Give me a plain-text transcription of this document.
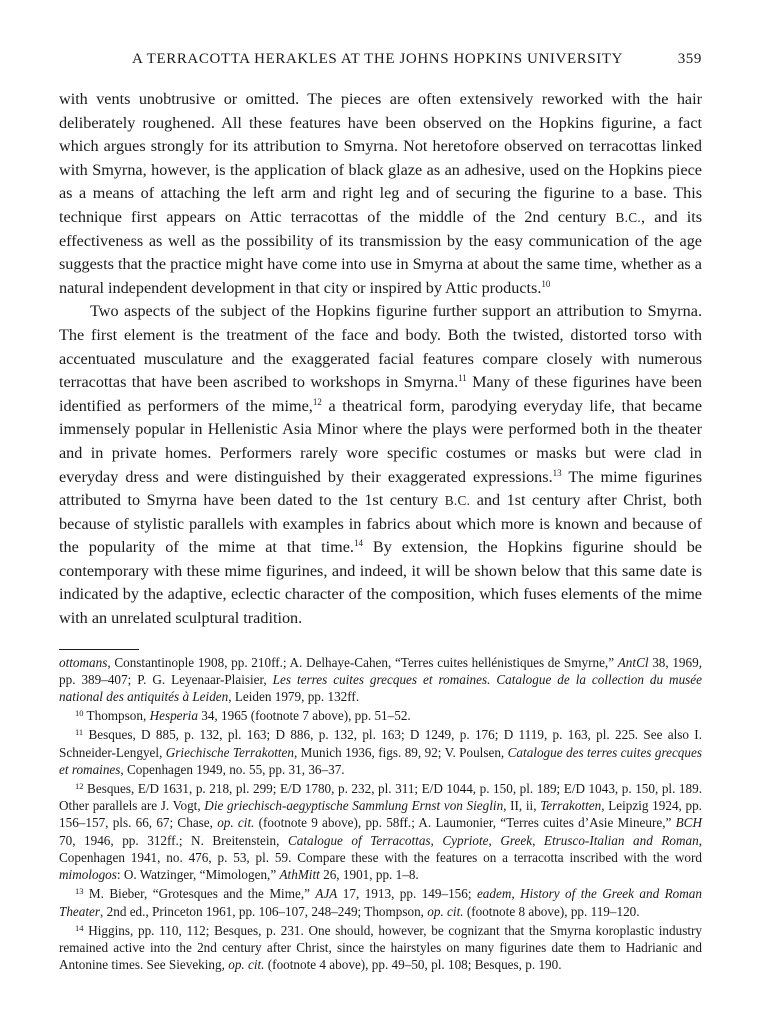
A TERRACOTTA HERAKLES AT THE JOHNS HOPKINS UNIVERSITY	359

with vents unobtrusive or omitted. The pieces are often extensively reworked with the hair deliberately roughened. All these features have been observed on the Hopkins figurine, a fact which argues strongly for its attribution to Smyrna. Not heretofore observed on terracottas linked with Smyrna, however, is the application of black glaze as an adhesive, used on the Hopkins piece as a means of attaching the left arm and right leg and of securing the figurine to a base. This technique first appears on Attic terracottas of the middle of the 2nd century B.C., and its effectiveness as well as the possibility of its transmission by the easy communication of the age suggests that the practice might have come into use in Smyrna at about the same time, whether as a natural independent development in that city or inspired by Attic products.$^{10}$

Two aspects of the subject of the Hopkins figurine further support an attribution to Smyrna. The first element is the treatment of the face and body. Both the twisted, distorted torso with accentuated musculature and the exaggerated facial features compare closely with numerous terracottas that have been ascribed to workshops in Smyrna.$^{11}$ Many of these figurines have been identified as performers of the mime,$^{12}$ a theatrical form, parodying everyday life, that became immensely popular in Hellenistic Asia Minor where the plays were performed both in the theater and in private homes. Performers rarely wore specific costumes or masks but were clad in everyday dress and were distinguished by their exaggerated expressions.$^{13}$ The mime figurines attributed to Smyrna have been dated to the 1st century B.C. and 1st century after Christ, both because of stylistic parallels with examples in fabrics about which more is known and because of the popularity of the mime at that time.$^{14}$ By extension, the Hopkins figurine should be contemporary with these mime figurines, and indeed, it will be shown below that this same date is indicated by the adaptive, eclectic character of the composition, which fuses elements of the mime with an unrelated sculptural tradition.

ottomans, Constantinople 1908, pp. 210ff.; A. Delhaye-Cahen, “Terres cuites hellénistiques de Smyrne,” AntCl 38, 1969, pp. 389–407; P. G. Leyenaar-Plaisier, Les terres cuites grecques et romaines. Catalogue de la collection du musée national des antiquités à Leiden, Leiden 1979, pp. 132ff.

$^{10}$ Thompson, Hesperia 34, 1965 (footnote 7 above), pp. 51–52.

$^{11}$ Besques, D 885, p. 132, pl. 163; D 886, p. 132, pl. 163; D 1249, p. 176; D 1119, p. 163, pl. 225. See also I. Schneider-Lengyel, Griechische Terrakotten, Munich 1936, figs. 89, 92; V. Poulsen, Catalogue des terres cuites grecques et romaines, Copenhagen 1949, no. 55, pp. 31, 36–37.

$^{12}$ Besques, E/D 1631, p. 218, pl. 299; E/D 1780, p. 232, pl. 311; E/D 1044, p. 150, pl. 189; E/D 1043, p. 150, pl. 189. Other parallels are J. Vogt, Die griechisch-aegyptische Sammlung Ernst von Sieglin, II, ii, Terrakotten, Leipzig 1924, pp. 156–157, pls. 66, 67; Chase, op. cit. (footnote 9 above), pp. 58ff.; A. Laumonier, “Terres cuites d’Asie Mineure,” BCH 70, 1946, pp. 312ff.; N. Breitenstein, Catalogue of Terracottas, Cypriote, Greek, Etrusco-Italian and Roman, Copenhagen 1941, no. 476, p. 53, pl. 59. Compare these with the features on a terracotta inscribed with the word mimologos: O. Watzinger, “Mimologen,” AthMitt 26, 1901, pp. 1–8.

$^{13}$ M. Bieber, “Grotesques and the Mime,” AJA 17, 1913, pp. 149–156; eadem, History of the Greek and Roman Theater, 2nd ed., Princeton 1961, pp. 106–107, 248–249; Thompson, op. cit. (footnote 8 above), pp. 119–120.

$^{14}$ Higgins, pp. 110, 112; Besques, p. 231. One should, however, be cognizant that the Smyrna koroplastic industry remained active into the 2nd century after Christ, since the hairstyles on many figurines date them to Hadrianic and Antonine times. See Sieveking, op. cit. (footnote 4 above), pp. 49–50, pl. 108; Besques, p. 190.
